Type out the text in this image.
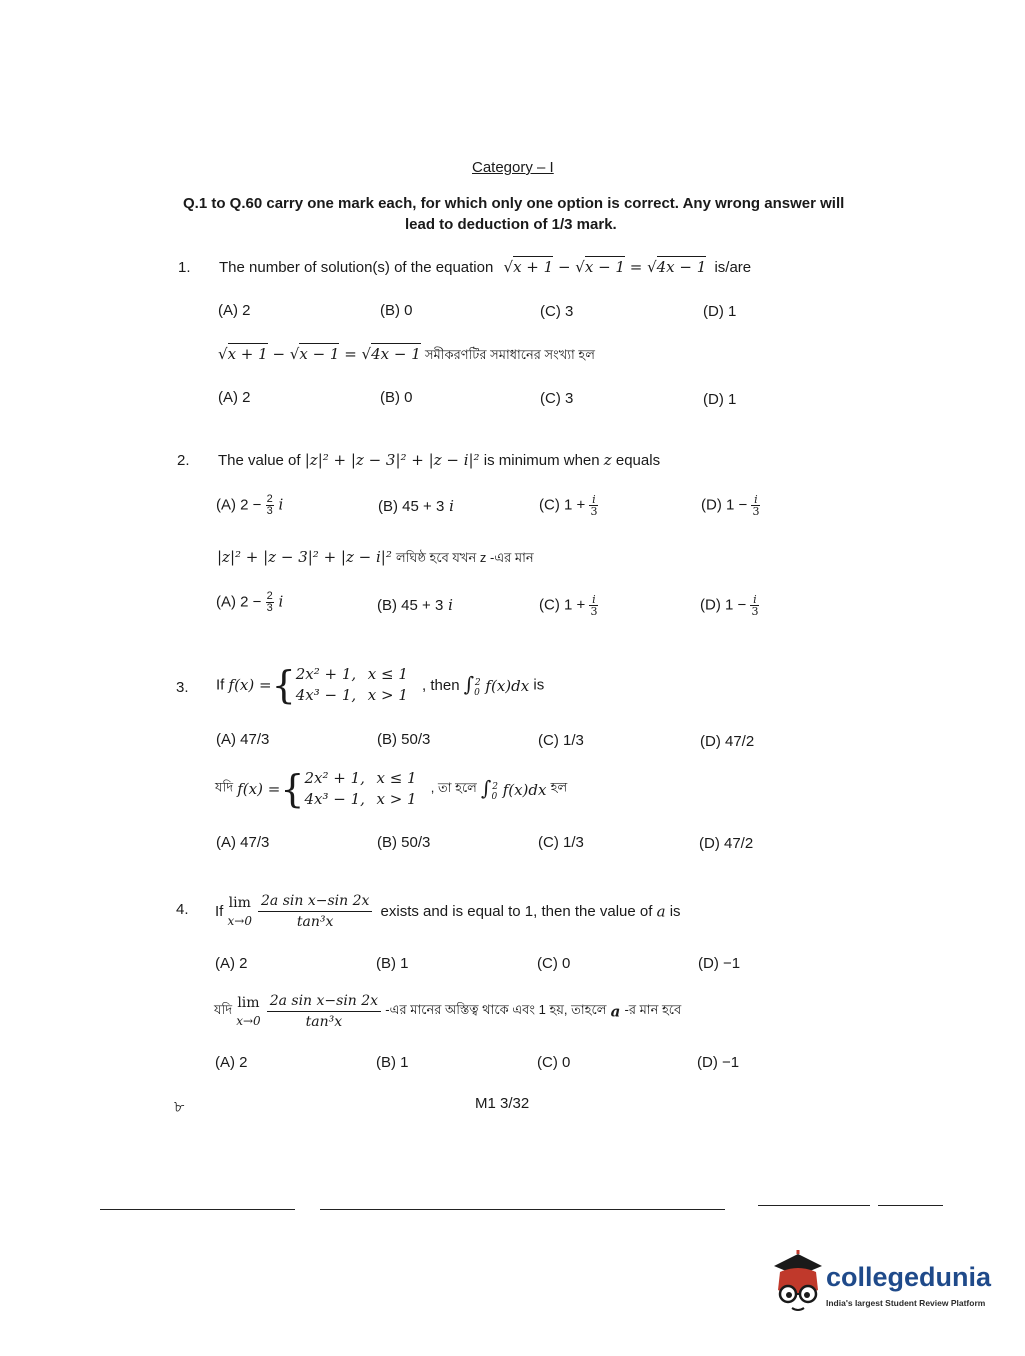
Category – I
Q.1 to Q.60 carry one mark each, for which only one option is correct. Any wrong answer will
lead to deduction of 1/3 mark.
1. The number of solution(s) of the equation √x + 1 − √x − 1 = √4x − 1 is/are
(A) 2	(B) 0	(C) 3	(D) 1
√x + 1 − √x − 1 = √4x − 1 সমীকরণটির সমাধানের সংখ্যা হল
(A) 2	(B) 0	(C) 3	(D) 1
2. The value of |z|² + |z − 3|² + |z − i|² is minimum when z equals
(A) $2 - \frac{2}{3}$ i	(B) 45 + 3 i	(C) $1 + \frac{i}{3}$	(D) $1 - \frac{i}{3}$
|z|² + |z − 3|² + |z − i|² লঘিষ্ঠ হবে যখন z -এর মান
(A) $2 - \frac{2}{3}$ i	(B) 45 + 3 i	(C) $1 + \frac{i}{3}$	(D) $1 - \frac{i}{3}$
3. If f(x) ={ 2x² + 1, x ≤ 1
4x³ − 1, x > 1
, then $\int_0^2$ f(x)dx is
(A) 47/3	(B) 50/3	(C) 1/3	(D) 47/2
যদি f(x) ={ 2x² + 1, x ≤ 1
4x³ − 1, x > 1
, তা হলে $\int_0^2$ f(x)dx হল
(A) 47/3	(B) 50/3	(C) 1/3	(D) 47/2
4. If
lim
$x\to 0 \frac{\text{2a sin x−sin 2x}}{\text{tan³x}}$ exists and is equal to 1, then the value of a is
(A) 2	(B) 1	(C) 0	(D) −1
যদি lim
$x\to 0 \frac{\text{2a sin x−sin 2x}}{\text{tan³x}}$ -এর মানের অস্তিত্ব থাকে এবং 1 হয়, তাহলে a -র মান হবে
(A) 2	(B) 1	(C) 0	(D) −1
৮	M1 3/32
collegedunia
India's largest Student Review Platform
